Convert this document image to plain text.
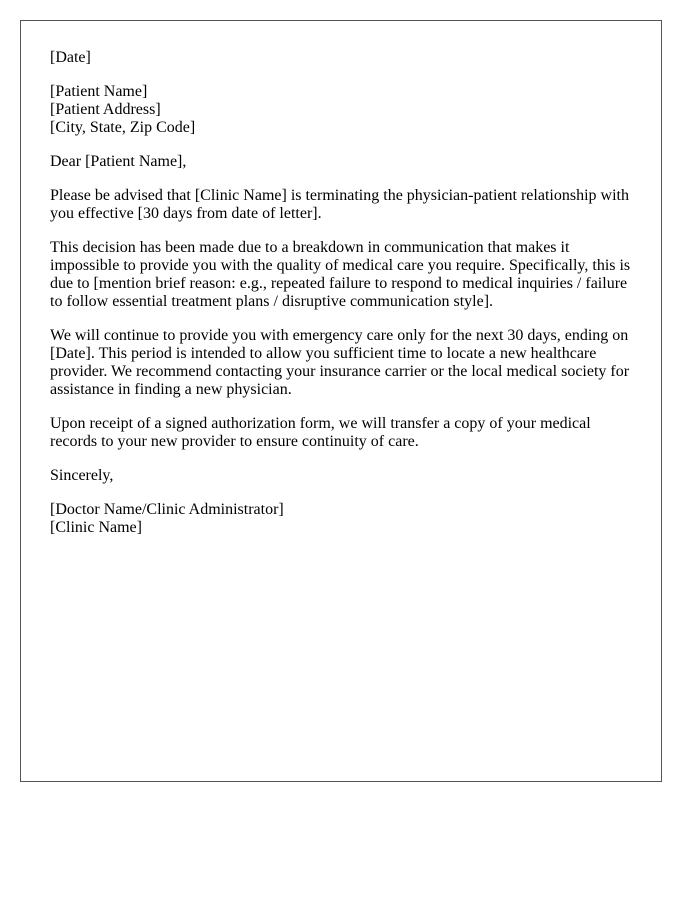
[Date]

[Patient Name]
[Patient Address]
[City, State, Zip Code]

Dear [Patient Name],

Please be advised that [Clinic Name] is terminating the physician-patient relationship with you effective [30 days from date of letter].

This decision has been made due to a breakdown in communication that makes it impossible to provide you with the quality of medical care you require. Specifically, this is due to [mention brief reason: e.g., repeated failure to respond to medical inquiries / failure to follow essential treatment plans / disruptive communication style].

We will continue to provide you with emergency care only for the next 30 days, ending on [Date]. This period is intended to allow you sufficient time to locate a new healthcare provider. We recommend contacting your insurance carrier or the local medical society for assistance in finding a new physician.

Upon receipt of a signed authorization form, we will transfer a copy of your medical records to your new provider to ensure continuity of care.

Sincerely,

[Doctor Name/Clinic Administrator]
[Clinic Name]
